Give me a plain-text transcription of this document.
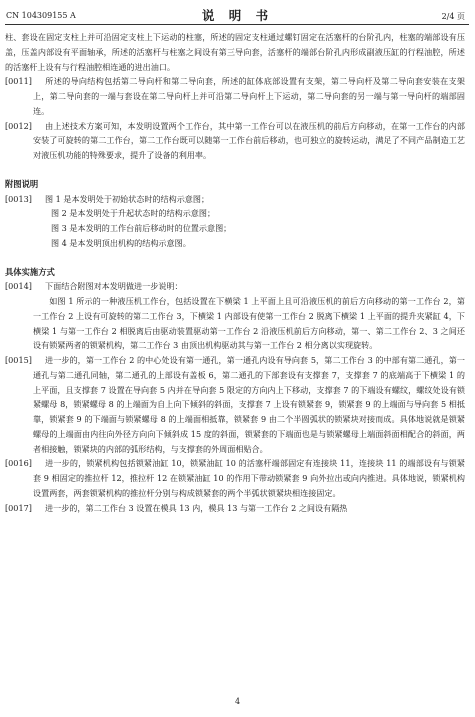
CN 104309155 A	说 明 书	2/4 页

柱、套设在固定支柱上并可沿固定支柱上下运动的柱塞，所述的固定支柱通过螺钉固定在活塞杆的台阶孔内，柱塞的端部设有压盖，压盖内部设有平面轴承，所述的活塞杆与柱塞之间设有第三导向套，活塞杆的端部台阶孔内形成副液压缸的行程油腔，所述的活塞杆上设有与行程油腔相连通的进出油口。

[0011] 所述的导向结构包括第二导向杆和第二导向套，所述的缸体底部设置有支架，第二导向杆及第二导向套安装在支架上，第二导向套的一端与套设在第二导向杆上并可沿第二导向杆上下运动，第二导向套的另一端与第一导向杆的端部固连。

[0012] 由上述技术方案可知，本发明设置两个工作台，其中第一工作台可以在液压机的前后方向移动，在第一工作台的内部安装了可旋转的第二工作台，第二工作台既可以随第一工作台前后移动，也可独立的旋转运动，满足了不同产品制造工艺对液压机功能的特殊要求，提升了设备的利用率。

附图说明

[0013] 图 1 是本发明处于初始状态时的结构示意图；

图 2 是本发明处于升起状态时的结构示意图；

图 3 是本发明的工作台前后移动时的位置示意图；

图 4 是本发明顶出机构的结构示意图。

具体实施方式

[0014] 下面结合附图对本发明做进一步说明：

如图 1 所示的一种液压机工作台，包括设置在下横梁 1 上平面上且可沿液压机的前后方向移动的第一工作台 2，第一工作台 2 上设有可旋转的第二工作台 3，下横梁 1 内部设有使第一工作台 2 脱离下横梁 1 上平面的提升夹紧缸 4，下横梁 1 与第一工作台 2 相脱离后由驱动装置驱动第一工作台 2 沿液压机前后方向移动，第一、第二工作台 2、3 之间还设有锁紧两者的锁紧机构，第二工作台 3 由顶出机构驱动其与第一工作台 2 相分离以实现旋转。

[0015] 进一步的，第一工作台 2 的中心处设有第一通孔，第一通孔内设有导向套 5，第二工作台 3 的中部有第二通孔，第一通孔与第二通孔同轴，第二通孔的上部设有盖板 6，第二通孔的下部套设有支撑套 7，支撑套 7 的底端高于下横梁 1 的上平面，且支撑套 7 设置在导向套 5 内并在导向套 5 限定的方向内上下移动，支撑套 7 的下端设有螺纹，螺纹处设有锁紧螺母 8，锁紧螺母 8 的上端面为自上向下倾斜的斜面，支撑套 7 上设有锁紧套 9，锁紧套 9 的上端面与导向套 5 相抵靠，锁紧套 9 的下端面与锁紧螺母 8 的上端面相抵靠，锁紧套 9 由二个半圆弧状的锁紧块对接而成。具体地说就是锁紧螺母的上端面由内往向外径方向向下倾斜成 15 度的斜面，锁紧套的下端面也是与锁紧螺母上端面斜面相配合的斜面，两者相接触，锁紧块的内部的弧形结构，与支撑套的外周面相贴合。

[0016] 进一步的，锁紧机构包括锁紧油缸 10，锁紧油缸 10 的活塞杆端部固定有连接块 11，连接块 11 的端部设有与锁紧套 9 相固定的推拉杆 12，推拉杆 12 在锁紧油缸 10 的作用下带动锁紧套 9 向外拉出或向内推进。具体地说，锁紧机构设置两套，两套锁紧机构的推拉杆分别与构成锁紧套的两个半弧状锁紧块相连接固定。

[0017] 进一步的，第二工作台 3 设置在模具 13 内，模具 13 与第一工作台 2 之间设有隔热

4
